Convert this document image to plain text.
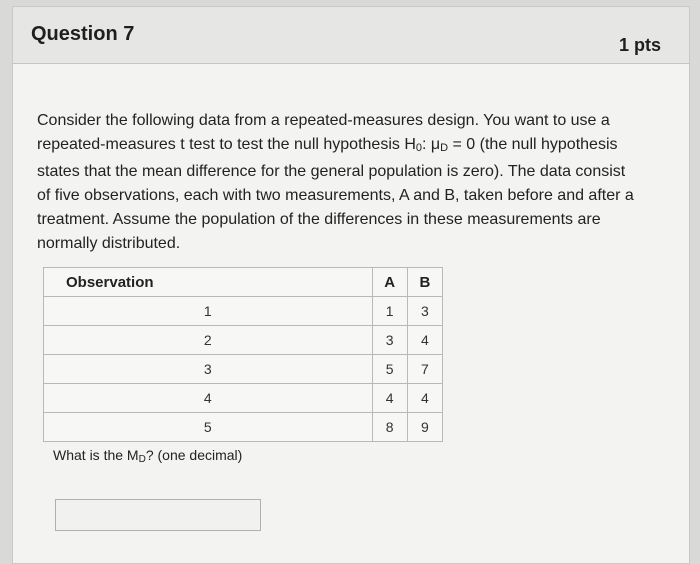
Question 7	1 pts
Consider the following data from a repeated-measures design. You want to use a repeated-measures t test to test the null hypothesis H0: μD = 0 (the null hypothesis states that the mean difference for the general population is zero). The data consist of five observations, each with two measurements, A and B, taken before and after a treatment. Assume the population of the differences in these measurements are normally distributed.
Observation	A	B
1	1	3
2	3	4
3	5	7
4	4	4
5	8	9
What is the $M_D$? (one decimal)
